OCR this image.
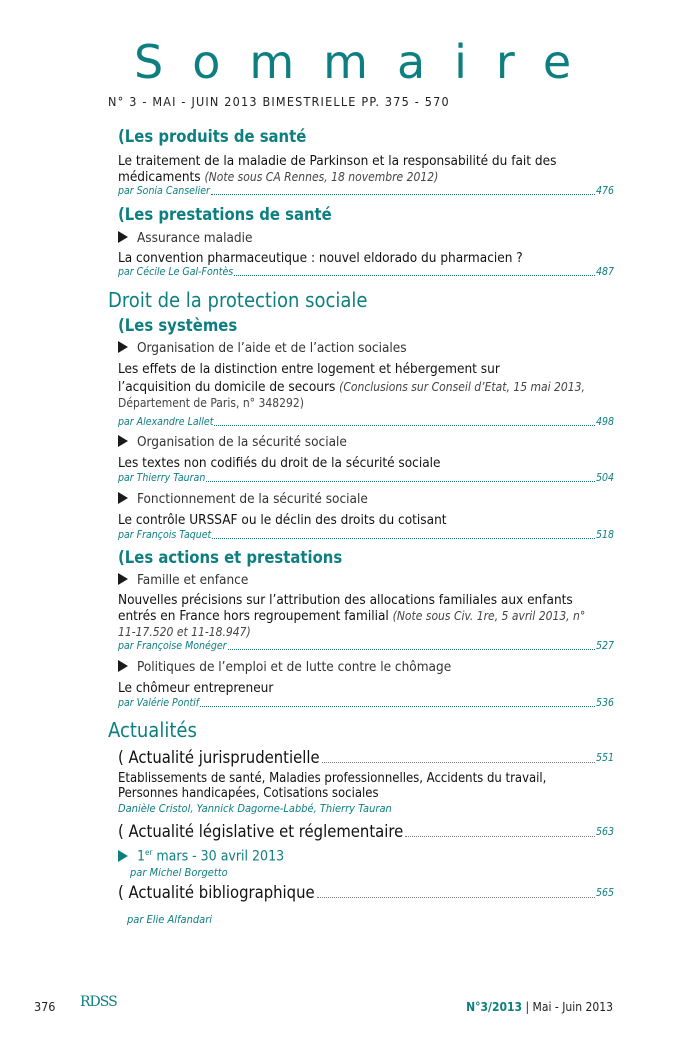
Sommaire
N° 3 - MAI - JUIN 2013 BIMESTRIELLE PP. 375 - 570
(Les produits de santé
Le traitement de la maladie de Parkinson et la responsabilité du fait des médicaments (Note sous CA Rennes, 18 novembre 2012)
par Sonia Canselier	476
(Les prestations de santé
Assurance maladie
La convention pharmaceutique : nouvel eldorado du pharmacien ?
par Cécile Le Gal-Fontès	487
Droit de la protection sociale
(Les systèmes
Organisation de l’aide et de l’action sociales
Les effets de la distinction entre logement et hébergement sur
l’acquisition du domicile de secours (Conclusions sur Conseil d’Etat, 15 mai 2013,
Département de Paris, n° 348292)
par Alexandre Lallet	498
Organisation de la sécurité sociale
Les textes non codifiés du droit de la sécurité sociale
par Thierry Tauran	504
Fonctionnement de la sécurité sociale
Le contrôle URSSAF ou le déclin des droits du cotisant
par François Taquet	518
(Les actions et prestations
Famille et enfance
Nouvelles précisions sur l’attribution des allocations familiales aux enfants
entrés en France hors regroupement familial (Note sous Civ. 1re, 5 avril 2013, n°
11-17.520 et 11-18.947)
par Françoise Monéger	527
Politiques de l’emploi et de lutte contre le chômage
Le chômeur entrepreneur
par Valérie Pontif	536
Actualités
( Actualité jurisprudentielle	551
Etablissements de santé, Maladies professionnelles, Accidents du travail,
Personnes handicapées, Cotisations sociales
Danièle Cristol, Yannick Dagorne-Labbé, Thierry Tauran
( Actualité législative et réglementaire	563
1er mars - 30 avril 2013
par Michel Borgetto
( Actualité bibliographique	565
par Elie Alfandari
376 RDSS	N°3/2013 | Mai - Juin 2013
